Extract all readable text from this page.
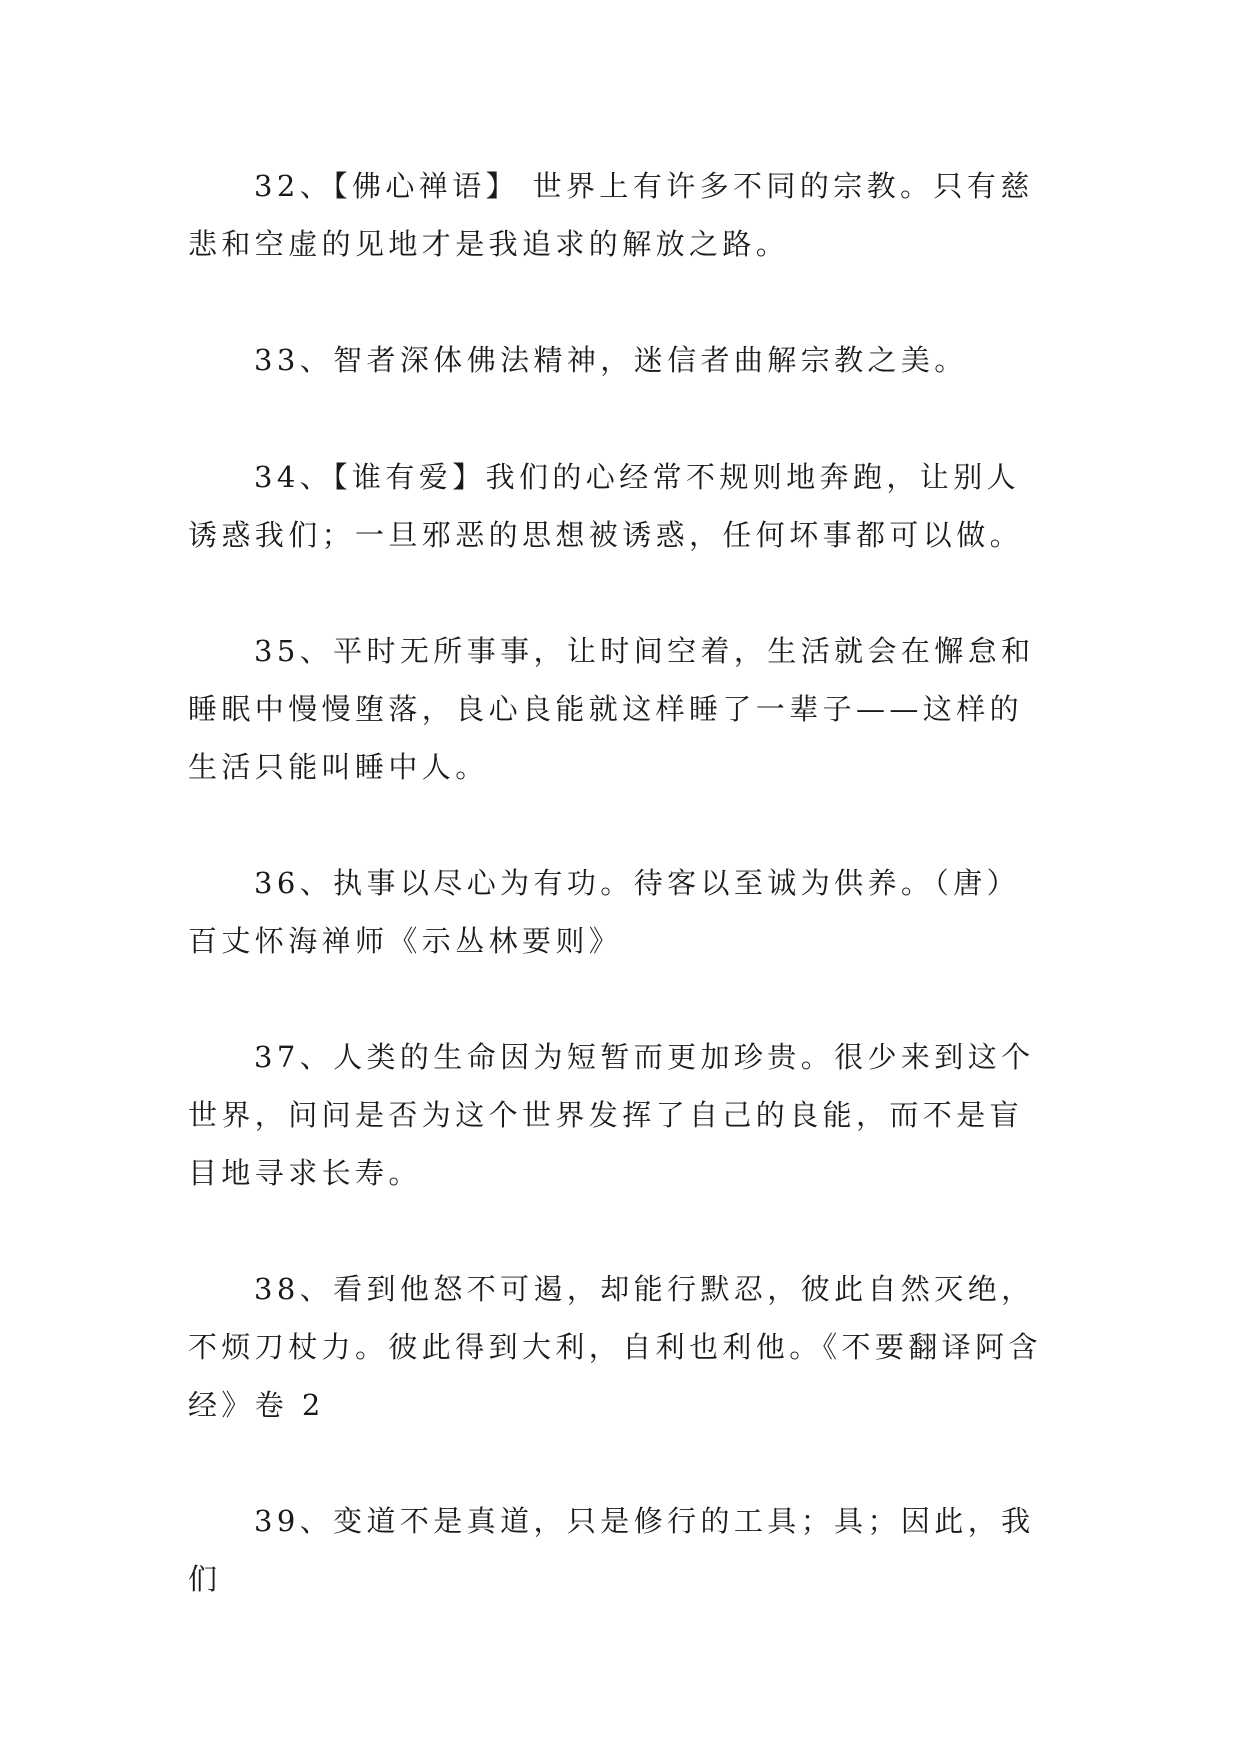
32、【佛心禅语】 世界上有许多不同的宗教。只有慈悲和空虚的见地才是我追求的解放之路。

33、智者深体佛法精神，迷信者曲解宗教之美。

34、【谁有爱】我们的心经常不规则地奔跑，让别人诱惑我们；一旦邪恶的思想被诱惑，任何坏事都可以做。

35、平时无所事事，让时间空着，生活就会在懈怠和睡眠中慢慢堕落，良心良能就这样睡了一辈子——这样的生活只能叫睡中人。

36、执事以尽心为有功。待客以至诚为供养。（唐）百丈怀海禅师《示丛林要则》

37、人类的生命因为短暂而更加珍贵。很少来到这个世界，问问是否为这个世界发挥了自己的良能，而不是盲目地寻求长寿。

38、看到他怒不可遏，却能行默忍，彼此自然灭绝，不烦刀杖力。彼此得到大利，自利也利他。《不要翻译阿含经》卷 2

39、变道不是真道，只是修行的工具；具；因此，我们
